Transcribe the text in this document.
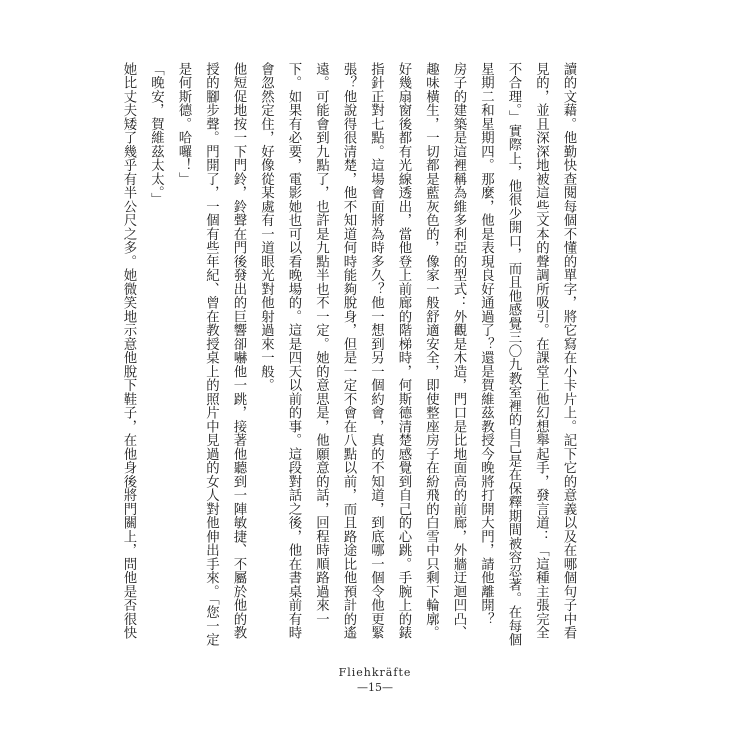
讀的文藉。他勤快查閱每個不懂的單字，將它寫在小卡片上。記下它的意義以及在哪個句子中看見的，並且深深地被這些文本的聲調所吸引。在課堂上他幻想舉起手，發言道：「這種主張完全不合理。」實際上，他很少開口，而且他感覺三〇九教室裡的自己是在保釋期間被容忍著。在每個星期二和星期四。那麼，他是表現良好通過了？還是賀維茲教授今晚將打開大門，請他離開？

房子的建築是這裡稱為維多利亞的型式：外觀是木造，門口是比地面高的前廊，外牆迂迴凹凸、趣味橫生，一切都是藍灰色的，像家一般舒適安全，即使整座房子在紛飛的白雪中只剩下輪廓。好幾扇窗後都有光線透出，當他登上前廊的階梯時，何斯德清楚感覺到自己的心跳。手腕上的錶指針正對七點。這場會面將為時多久？他一想到另一個約會，真的不知道，到底哪一個令他更緊張？他說得很清楚，他不知道何時能夠脫身，但是一定不會在八點以前，而且路途比他預計的遙遠。可能會到九點了，也許是九點半也不一定。她的意思是，他願意的話，回程時順路過來一下。如果有必要，電影她也可以看晚場的。這是四天以前的事。這段對話之後，他在書桌前有時會忽然定住，好像從某處有一道眼光對他射過來一般。

他短促地按一下門鈴，鈴聲在門後發出的巨響卻嚇他一跳，接著他聽到一陣敏捷、不屬於他的教授的腳步聲。門開了，一個有些年紀、曾在教授桌上的照片中見過的女人對他伸出手來。「您一定是何斯德。哈囉！」

「晚安，賀維茲太太。」

她比丈夫矮了幾乎有半公尺之多。她微笑地示意他脫下鞋子，在他身後將門關上，問他是否很快

Fliehkräfte
—15—
